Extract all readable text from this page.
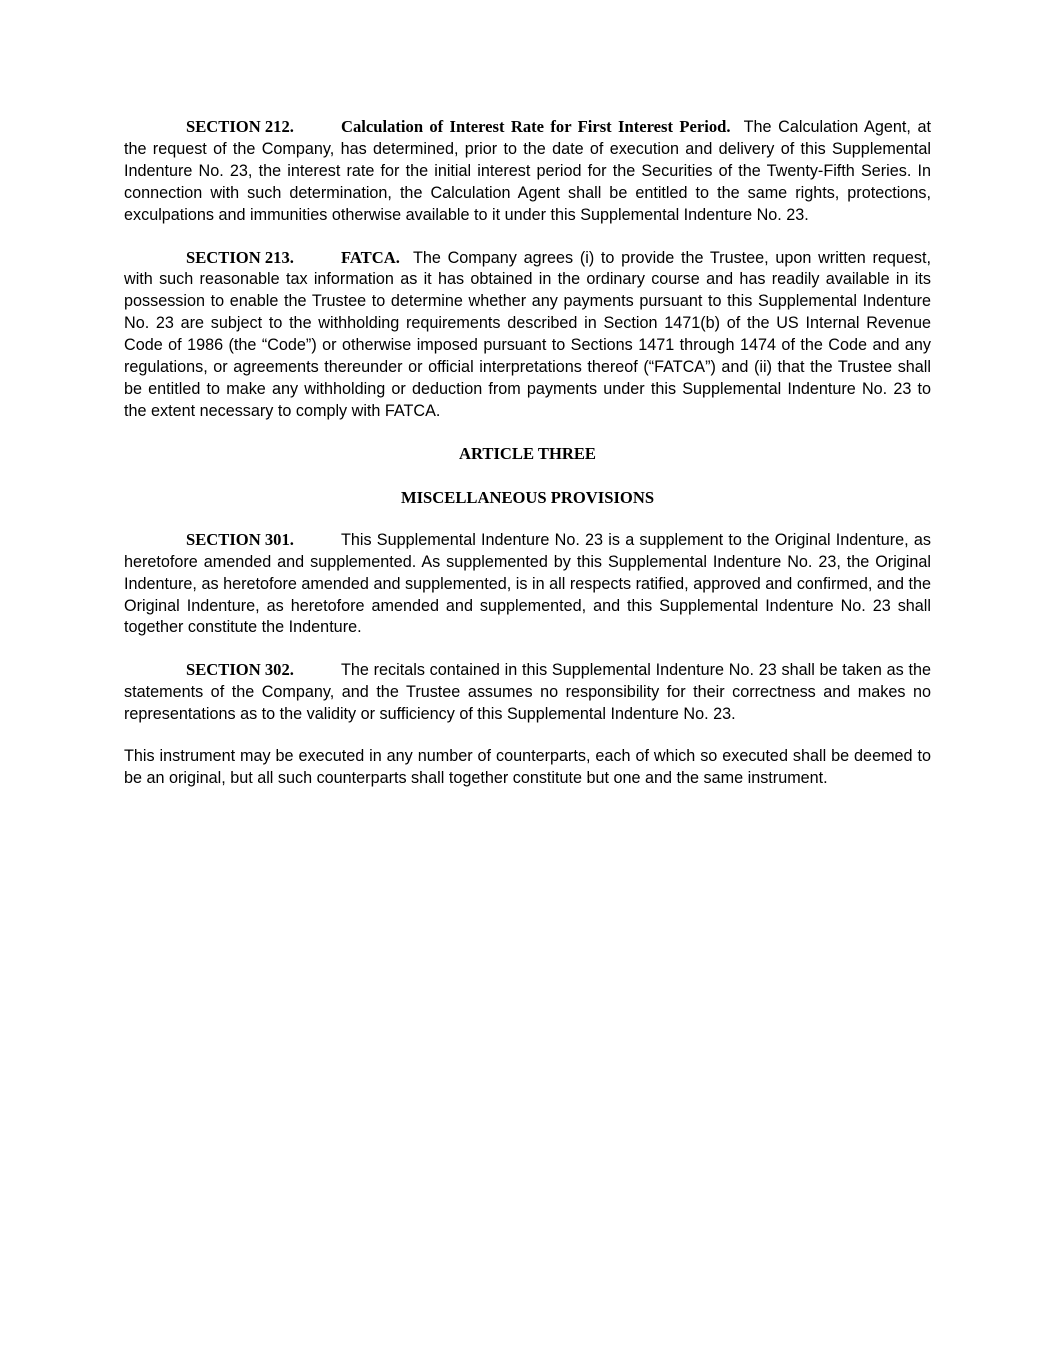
SECTION 212.	Calculation of Interest Rate for First Interest Period. The Calculation Agent, at the request of the Company, has determined, prior to the date of execution and delivery of this Supplemental Indenture No. 23, the interest rate for the initial interest period for the Securities of the Twenty-Fifth Series. In connection with such determination, the Calculation Agent shall be entitled to the same rights, protections, exculpations and immunities otherwise available to it under this Supplemental Indenture No. 23.

SECTION 213.	FATCA. The Company agrees (i) to provide the Trustee, upon written request, with such reasonable tax information as it has obtained in the ordinary course and has readily available in its possession to enable the Trustee to determine whether any payments pursuant to this Supplemental Indenture No. 23 are subject to the withholding requirements described in Section 1471(b) of the US Internal Revenue Code of 1986 (the “Code”) or otherwise imposed pursuant to Sections 1471 through 1474 of the Code and any regulations, or agreements thereunder or official interpretations thereof (“FATCA”) and (ii) that the Trustee shall be entitled to make any withholding or deduction from payments under this Supplemental Indenture No. 23 to the extent necessary to comply with FATCA.

ARTICLE THREE

MISCELLANEOUS PROVISIONS

SECTION 301.	This Supplemental Indenture No. 23 is a supplement to the Original Indenture, as heretofore amended and supplemented. As supplemented by this Supplemental Indenture No. 23, the Original Indenture, as heretofore amended and supplemented, is in all respects ratified, approved and confirmed, and the Original Indenture, as heretofore amended and supplemented, and this Supplemental Indenture No. 23 shall together constitute the Indenture.

SECTION 302.	The recitals contained in this Supplemental Indenture No. 23 shall be taken as the statements of the Company, and the Trustee assumes no responsibility for their correctness and makes no representations as to the validity or sufficiency of this Supplemental Indenture No. 23.

This instrument may be executed in any number of counterparts, each of which so executed shall be deemed to be an original, but all such counterparts shall together constitute but one and the same instrument.
